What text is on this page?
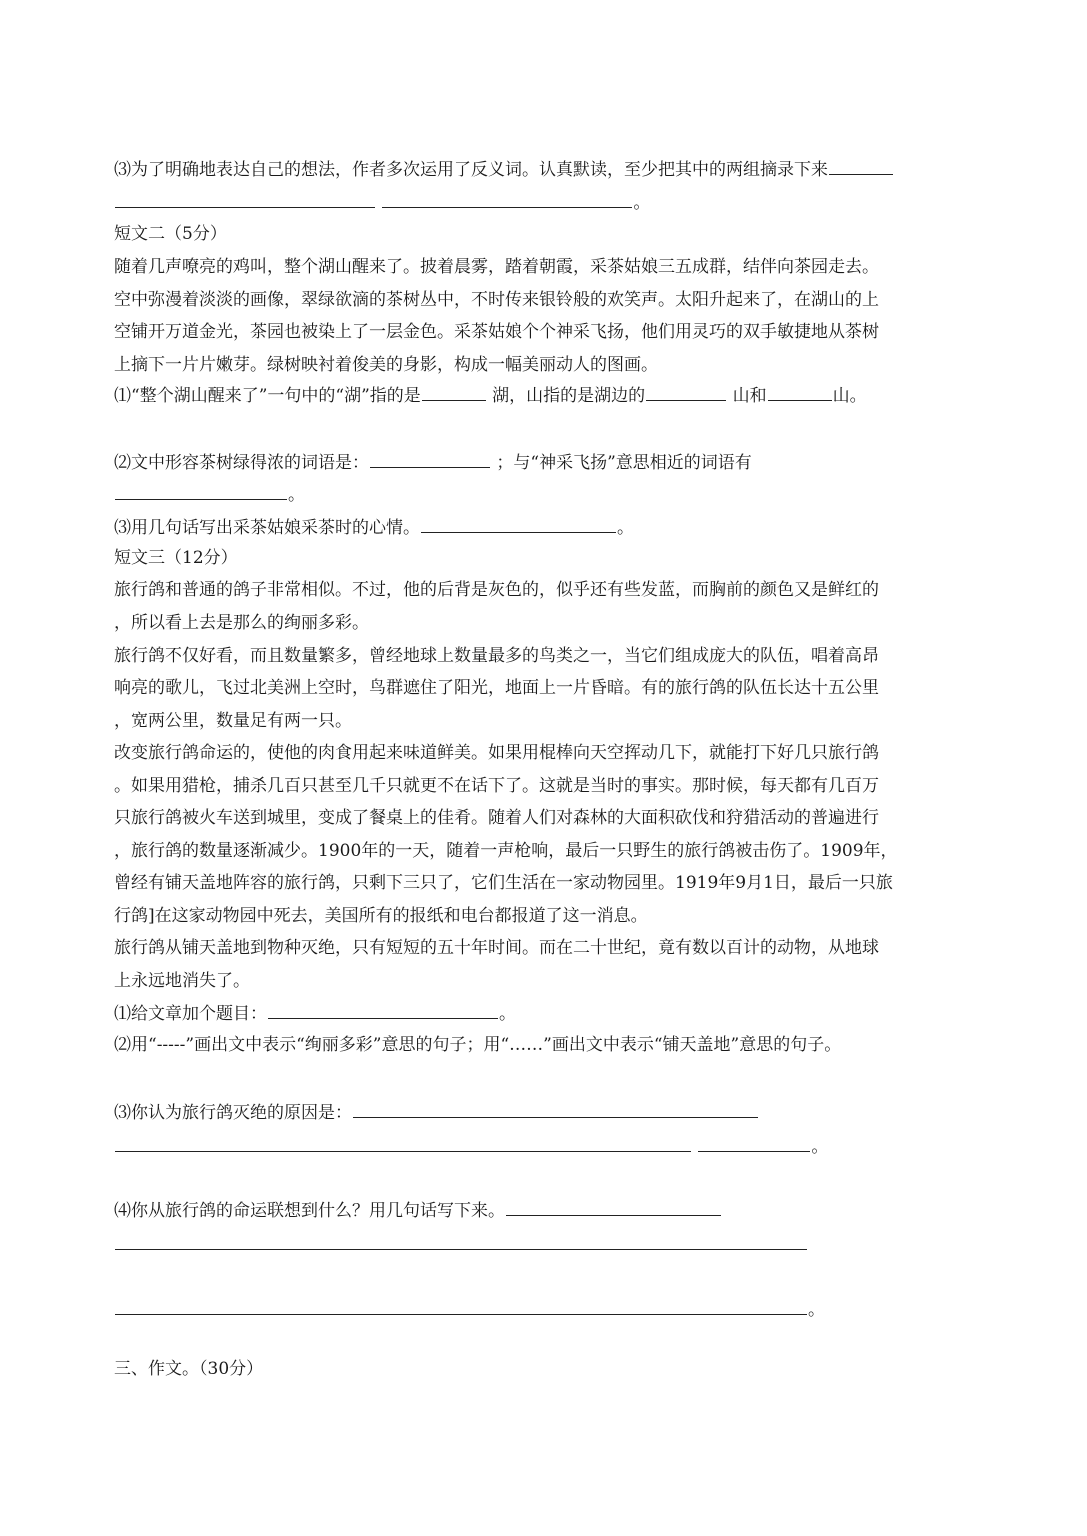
⑶为了明确地表达自己的想法，作者多次运用了反义词。认真默读，至少把其中的两组摘录下来
。
短文二（5分）
随着几声嘹亮的鸡叫，整个湖山醒来了。披着晨雾，踏着朝霞，采茶姑娘三五成群，结伴向茶园走去。
空中弥漫着淡淡的画像，翠绿欲滴的茶树丛中，不时传来银铃般的欢笑声。太阳升起来了，在湖山的上
空铺开万道金光，茶园也被染上了一层金色。采茶姑娘个个神采飞扬，他们用灵巧的双手敏捷地从茶树
上摘下一片片嫩芽。绿树映衬着俊美的身影，构成一幅美丽动人的图画。
⑴“整个湖山醒来了”一句中的“湖”指的是	湖，山指的是湖边的	山和	山。
⑵文中形容茶树绿得浓的词语是：	；与“神采飞扬”意思相近的词语有
。
⑶用几句话写出采茶姑娘采茶时的心情。	。
短文三（12分）
旅行鸽和普通的鸽子非常相似。不过，他的后背是灰色的，似乎还有些发蓝，而胸前的颜色又是鲜红的
，所以看上去是那么的绚丽多彩。
旅行鸽不仅好看，而且数量繁多，曾经地球上数量最多的鸟类之一，当它们组成庞大的队伍，唱着高昂
响亮的歌儿，飞过北美洲上空时，鸟群遮住了阳光，地面上一片昏暗。有的旅行鸽的队伍长达十五公里
，宽两公里，数量足有两一只。
改变旅行鸽命运的，使他的肉食用起来味道鲜美。如果用棍棒向天空挥动几下，就能打下好几只旅行鸽
。如果用猎枪，捕杀几百只甚至几千只就更不在话下了。这就是当时的事实。那时候，每天都有几百万
只旅行鸽被火车送到城里，变成了餐桌上的佳肴。随着人们对森林的大面积砍伐和狩猎活动的普遍进行
，旅行鸽的数量逐渐减少。1900年的一天，随着一声枪响，最后一只野生的旅行鸽被击伤了。1909年，
曾经有铺天盖地阵容的旅行鸽，只剩下三只了，它们生活在一家动物园里。1919年9月1日，最后一只旅
行鸽]在这家动物园中死去，美国所有的报纸和电台都报道了这一消息。
旅行鸽从铺天盖地到物种灭绝，只有短短的五十年时间。而在二十世纪，竟有数以百计的动物，从地球
上永远地消失了。
⑴给文章加个题目：	。
⑵用“-----”画出文中表示“绚丽多彩”意思的句子；用“……”画出文中表示“铺天盖地”意思的句子。
⑶你认为旅行鸽灭绝的原因是：
。
⑷你从旅行鸽的命运联想到什么？用几句话写下来。
。
三、作文。（30分）
